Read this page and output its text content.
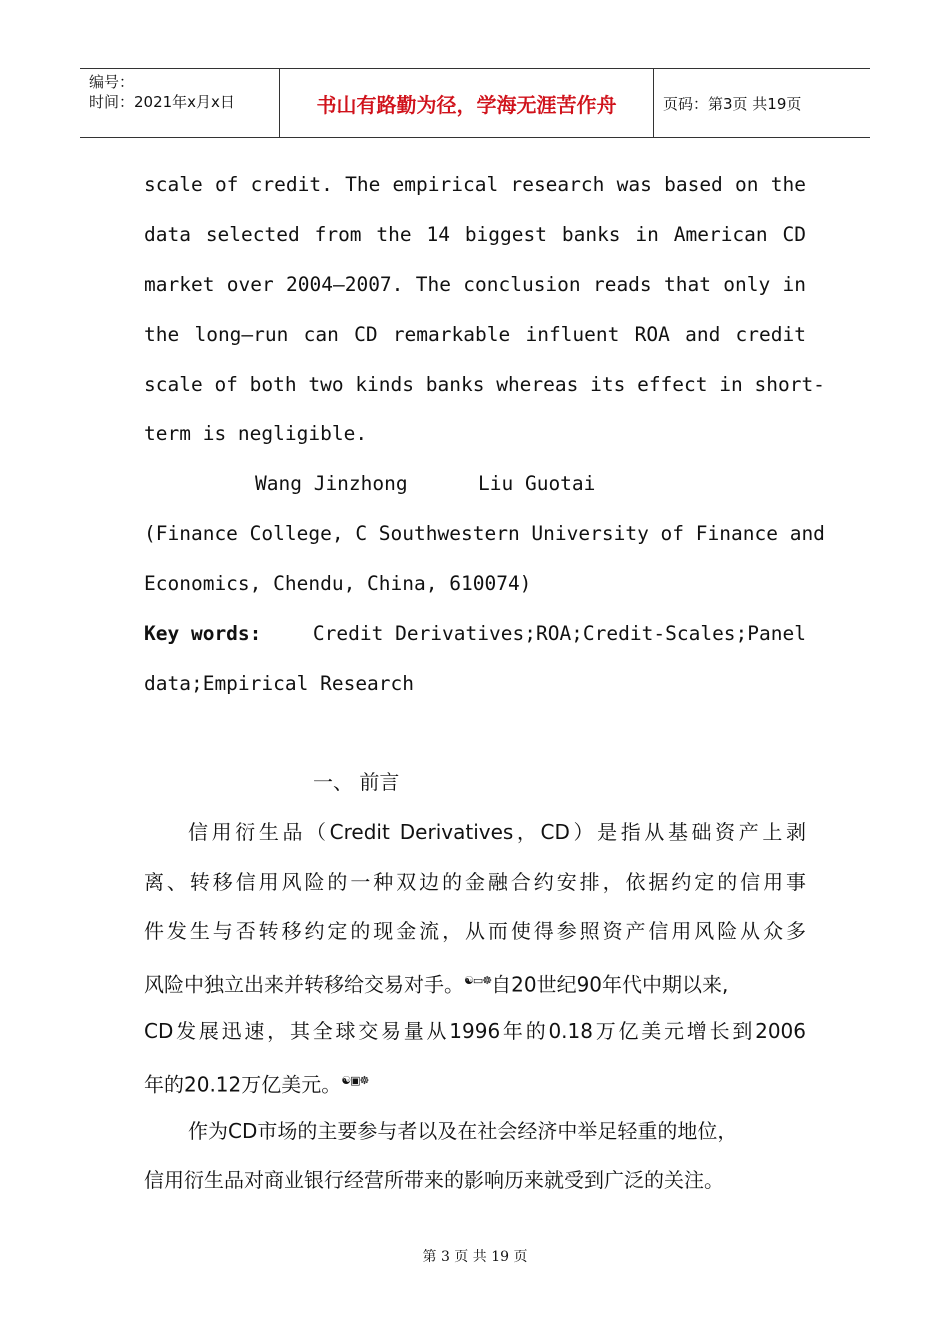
编号：
时间：2021年x月x日	书山有路勤为径，学海无涯苦作舟	页码：第3页 共19页
scale of credit. The empirical research was based on the
data selected from the 14 biggest banks in American CD
market over 2004—2007. The conclusion reads that only in
the long—run can CD remarkable influent ROA and credit
scale of both two kinds banks whereas its effect in short-
term is negligible.
Wang Jinzhong	Liu Guotai
(Finance College, C Southwestern University of Finance and
Economics, Chendu, China, 610074)
Key words:	Credit Derivatives;ROA;Credit-Scales;Panel
data;Empirical Research
一、 前言
信用衍生品（Credit Derivatives，CD）是指从基础资产上剥
离、转移信用风险的一种双边的金融合约安排，依据约定的信用事
件发生与否转移约定的现金流，从而使得参照资产信用风险从众多
风险中独立出来并转移给交易对手。☯▭☸自20世纪90年代中期以来,
CD发展迅速，其全球交易量从1996年的0.18万亿美元增长到2006
年的20.12万亿美元。☯▣☸
作为CD市场的主要参与者以及在社会经济中举足轻重的地位，
信用衍生品对商业银行经营所带来的影响历来就受到广泛的关注。
第 3 页 共 19 页
